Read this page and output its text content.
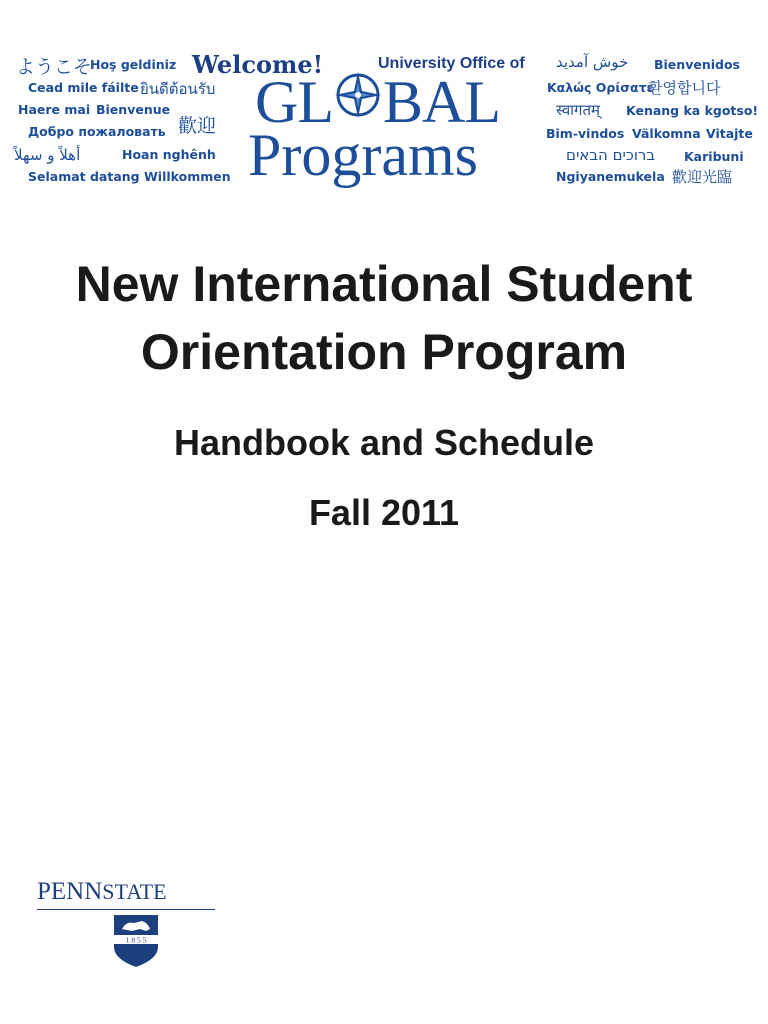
ようこそ
Hoş geldiniz
Cead mile fáilte ยินดีต้อนรับ
Haere mai Bienvenue
Добро пожаловать 歡迎
أهلاً و سهلاً	Hoan nghênh
Selamat datang Willkommen
Welcome!	University Office of
GL BAL
Programs
خوش آمدید Bienvenidos
Καλώς Ορίσατε
환영합니다
स्वागतम् Kenang ka kgotso!
Bim-vindos Välkomna Vitajte
ברוכים הבאים Karibuni
Ngiyanemukela 歡迎光臨
New International Student
Orientation Program
Handbook and Schedule
Fall 2011
PENNSTATE
1 8 5 5
